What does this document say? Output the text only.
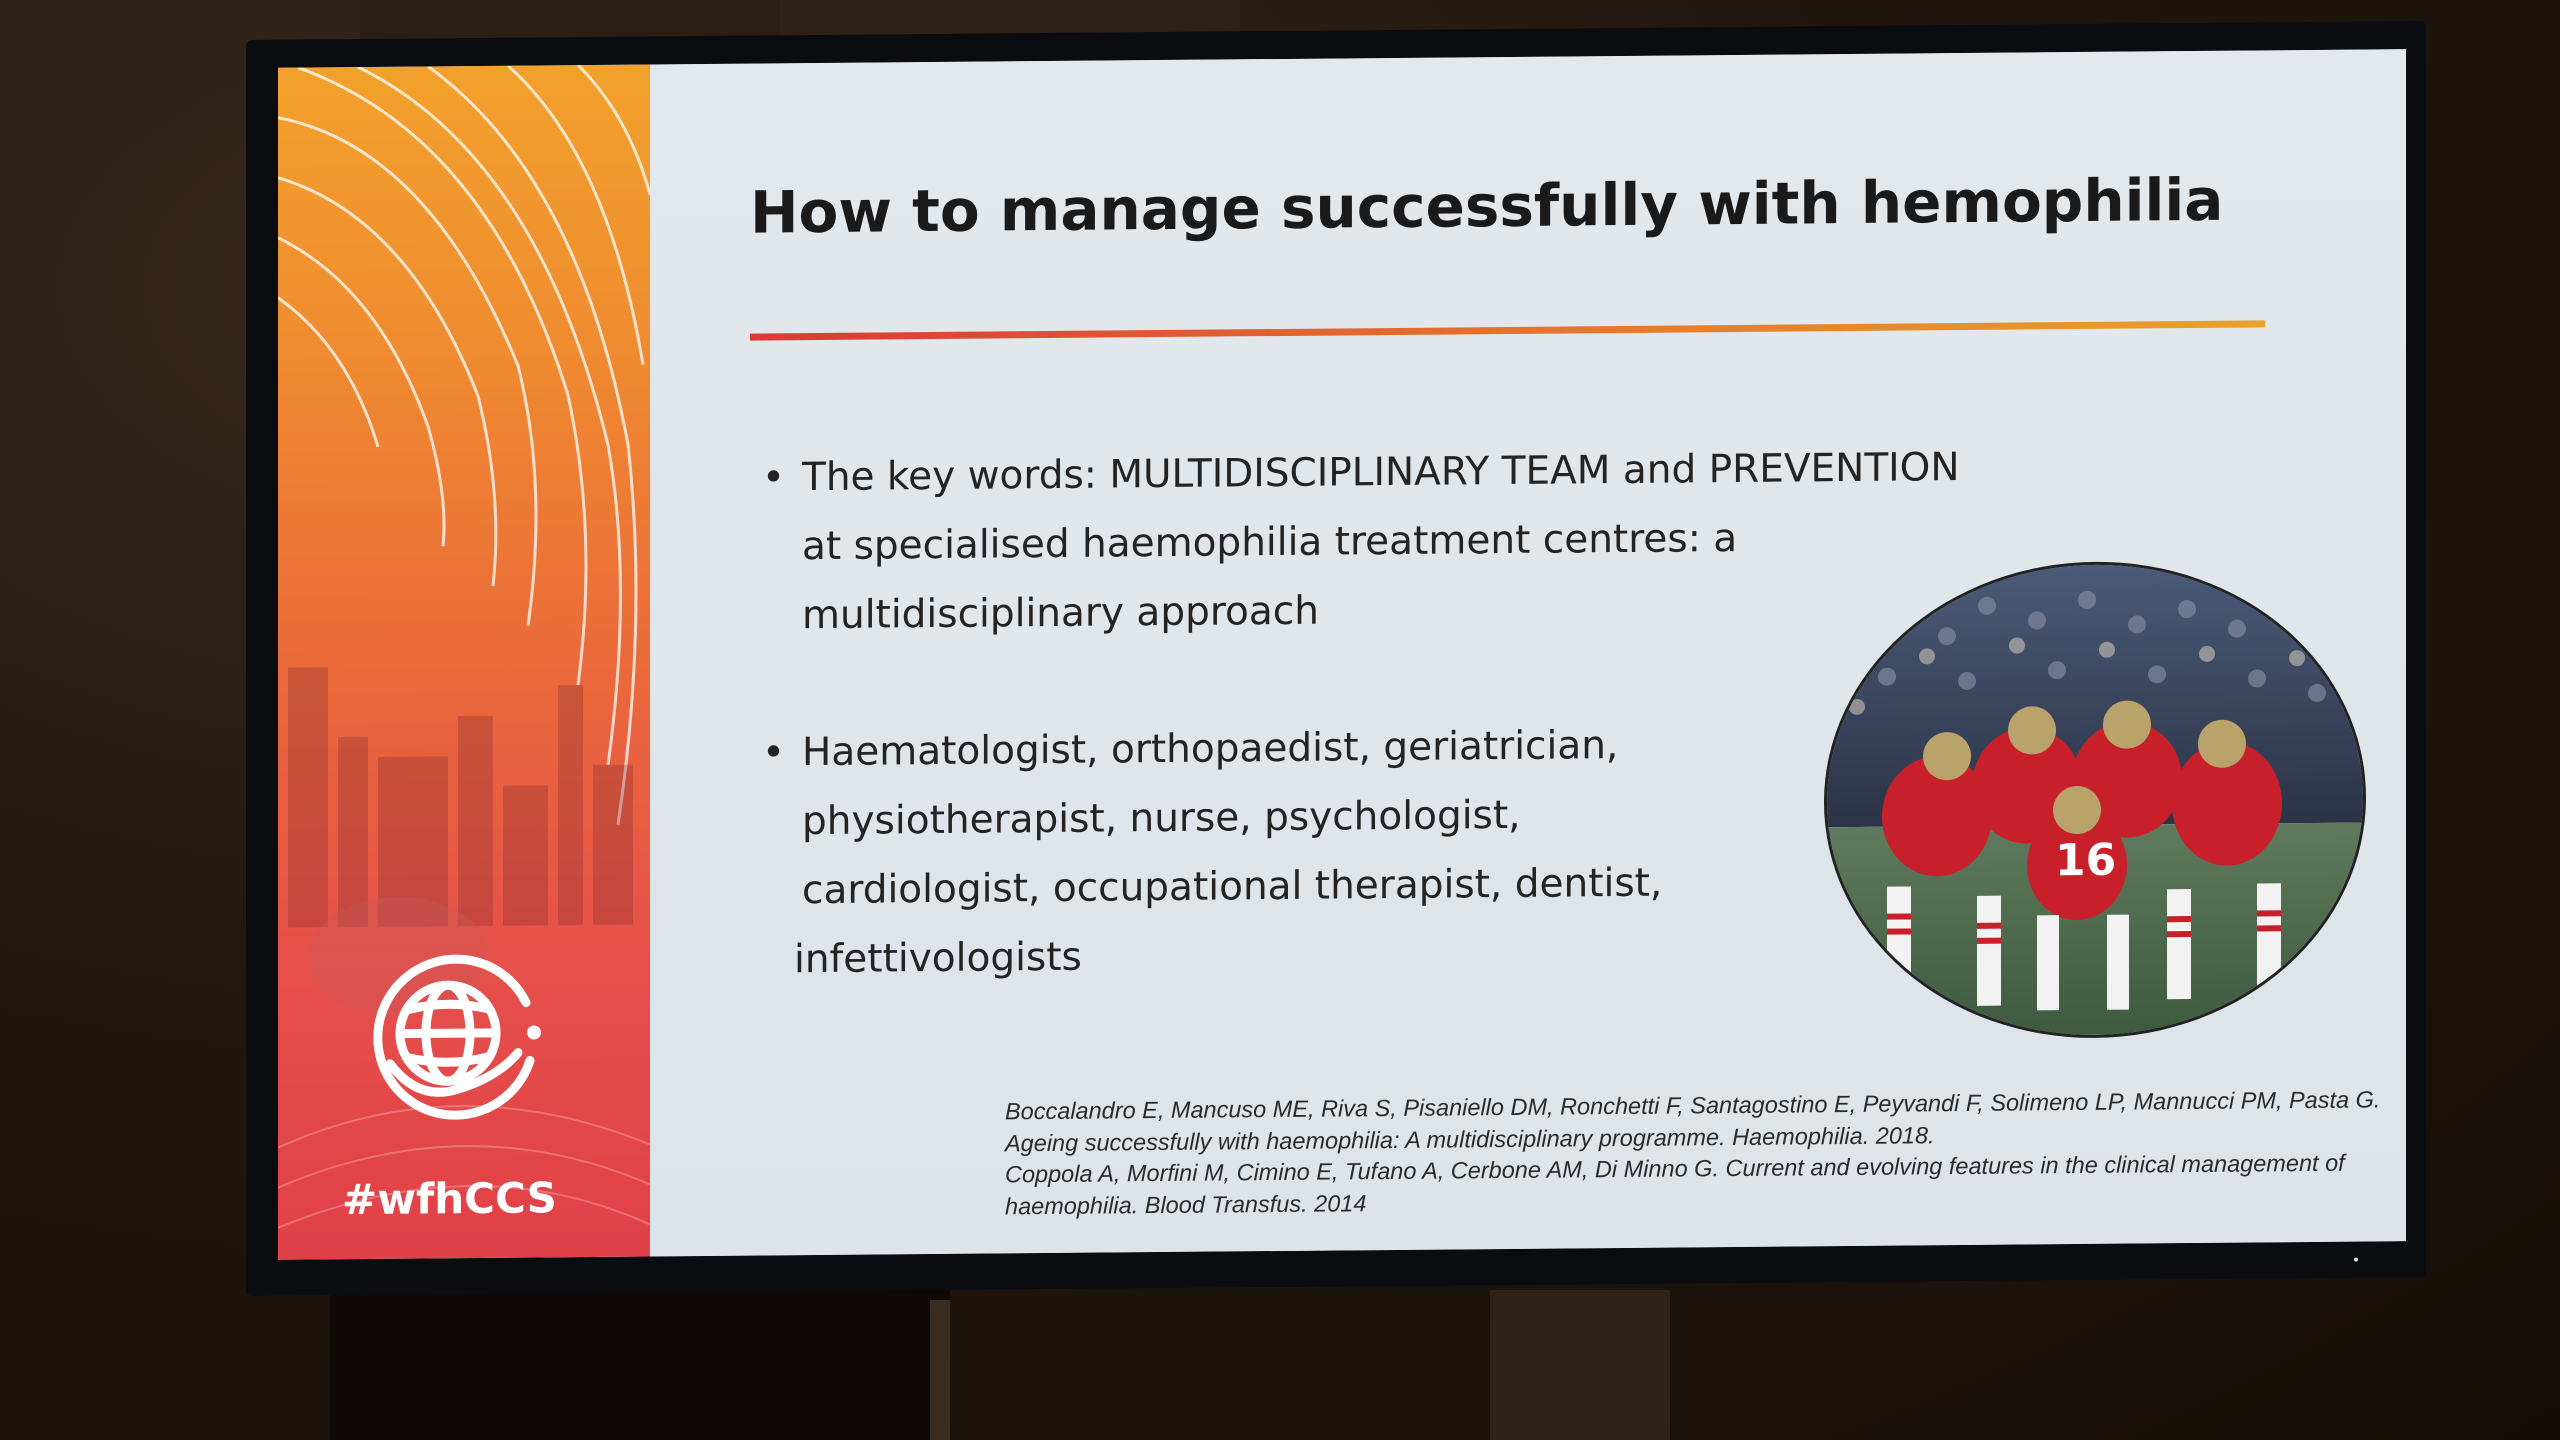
#wfhCCS
How to manage successfully with hemophilia
• The key words: MULTIDISCIPLINARY TEAM and PREVENTION
at specialised haemophilia treatment centres: a
multidisciplinary approach
• Haematologist, orthopaedist, geriatrician,
physiotherapist, nurse, psychologist,
cardiologist, occupational therapist, dentist,
infettivologists
16

Boccalandro E, Mancuso ME, Riva S, Pisaniello DM, Ronchetti F, Santagostino E, Peyvandi F, Solimeno LP, Mannucci PM, Pasta G. Ageing successfully with haemophilia: A multidisciplinary programme. Haemophilia. 2018.

Coppola A, Morfini M, Cimino E, Tufano A, Cerbone AM, Di Minno G. Current and evolving features in the clinical management of haemophilia. Blood Transfus. 2014
